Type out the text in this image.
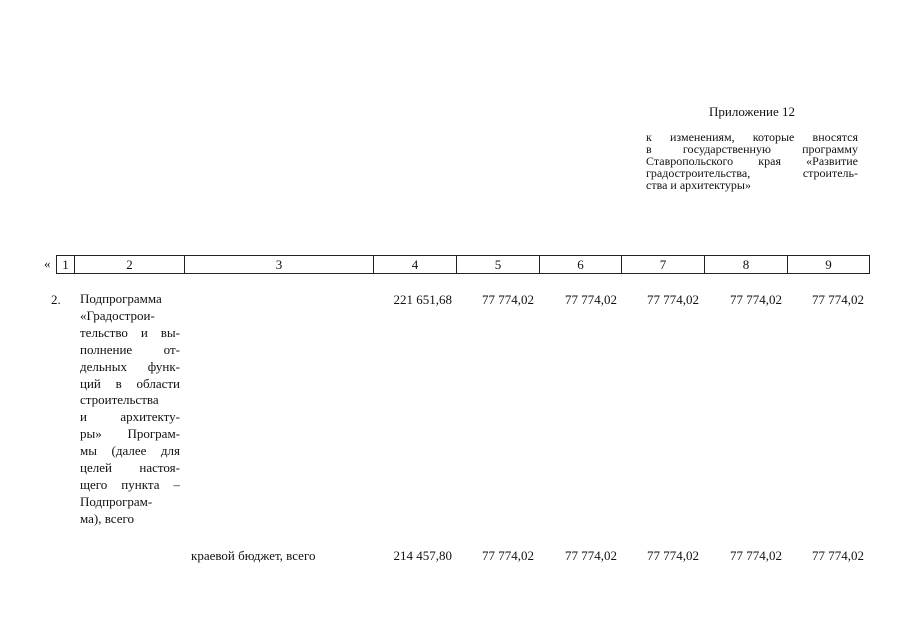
Приложение 12
к изменениям, которые вносятся
в государственную программу
Ставропольского края «Развитие
градостроительства, строитель-
ства и архитектуры»
« 1	2	3	4	5	6	7	8	9
2. Подпрограмма
«Градострои-
тельство и вы-
полнение от-
дельных функ-
ций в области
строительства
и архитекту-
ры» Програм-
мы (далее для
целей настоя-
щего пункта –
Подпрограм-
ма), всего
221 651,68	77 774,02	77 774,02	77 774,02	77 774,02	77 774,02
краевой бюджет, всего	214 457,80	77 774,02	77 774,02	77 774,02	77 774,02	77 774,02
